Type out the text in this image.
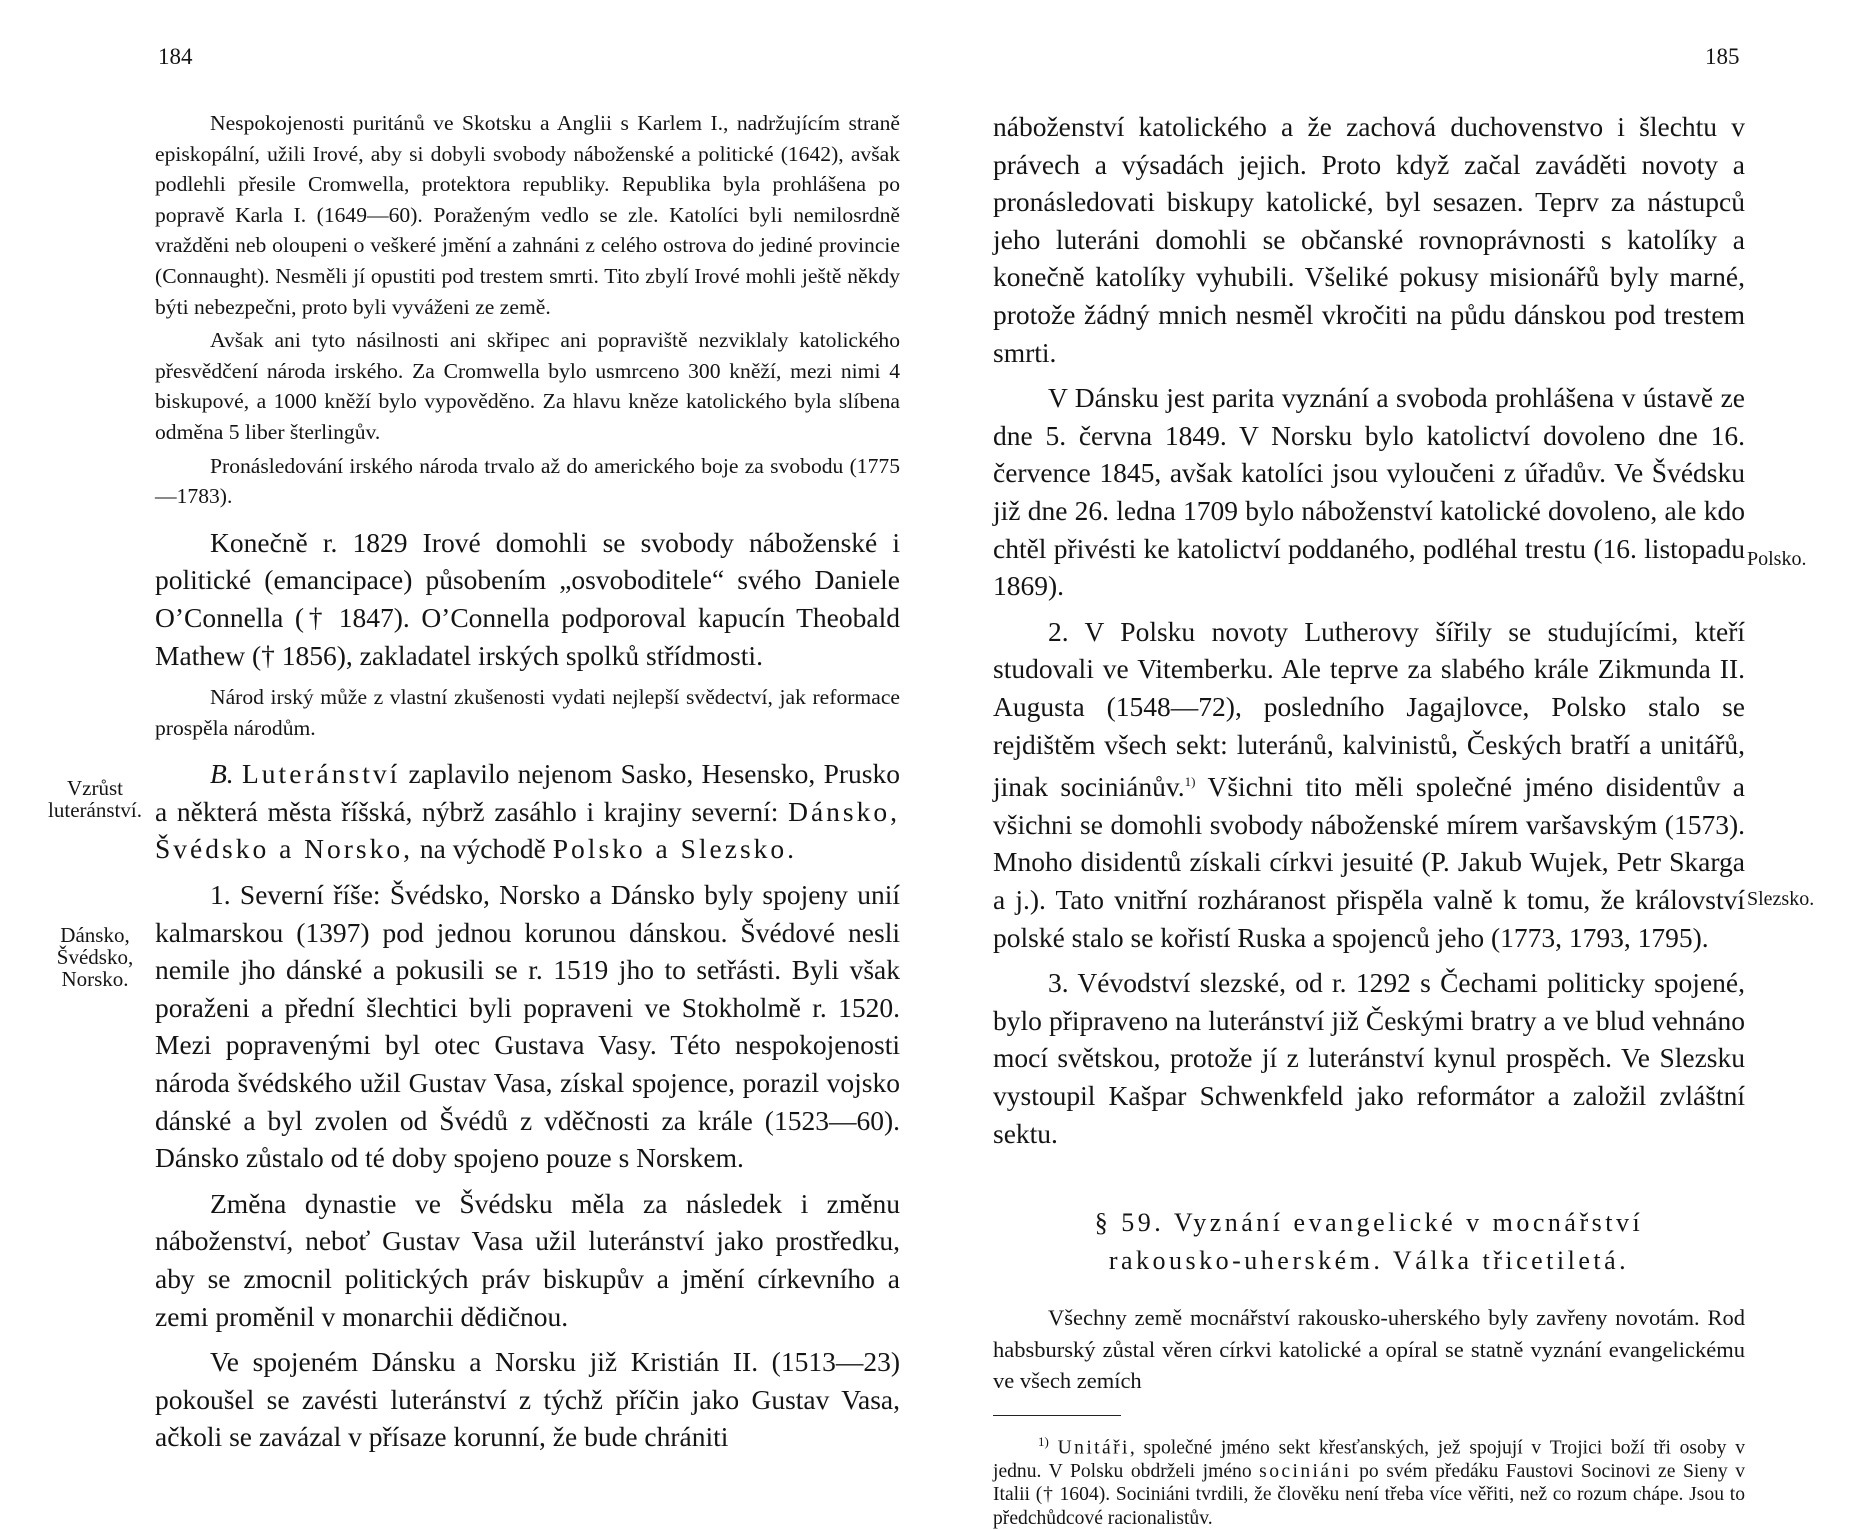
184
Vzrůst luteránství.
Dánsko, Švédsko, Norsko.

Nespokojenosti puritánů ve Skotsku a Anglii s Karlem I., nadržujícím straně episkopální, užili Irové, aby si dobyli svobody náboženské a politické (1642), avšak podlehli přesile Cromwella, protektora republiky. Republika byla prohlášena po popravě Karla I. (1649—60). Poraženým vedlo se zle. Katolíci byli nemilosrdně vražděni neb oloupeni o veškeré jmění a zahnáni z celého ostrova do jediné provincie (Connaught). Nesměli jí opustiti pod trestem smrti. Tito zbylí Irové mohli ještě někdy býti nebezpečni, proto byli vyváženi ze země.

Avšak ani tyto násilnosti ani skřipec ani popraviště nezviklaly katolického přesvědčení národa irského. Za Cromwella bylo usmrceno 300 kněží, mezi nimi 4 biskupové, a 1000 kněží bylo vypověděno. Za hlavu kněze katolického byla slíbena odměna 5 liber šterlingův.

Pronásledování irského národa trvalo až do amerického boje za svobodu (1775—1783).

Konečně r. 1829 Irové domohli se svobody náboženské i politické (emancipace) působením „osvoboditele“ svého Daniele O’Connella († 1847). O’Connella podporoval kapucín Theobald Mathew († 1856), zakladatel irských spolků střídmosti.

Národ irský může z vlastní zkušenosti vydati nejlepší svědectví, jak reformace prospěla národům.

B. Luteránství zaplavilo nejenom Sasko, Hesensko, Prusko a některá města říšská, nýbrž zasáhlo i krajiny severní: Dánsko, Švédsko a Norsko, na východě Polsko a Slezsko.

1. Severní říše: Švédsko, Norsko a Dánsko byly spojeny unií kalmarskou (1397) pod jednou korunou dánskou. Švédové nesli nemile jho dánské a pokusili se r. 1519 jho to setřásti. Byli však poraženi a přední šlechtici byli popraveni ve Stokholmě r. 1520. Mezi popravenými byl otec Gustava Vasy. Této nespokojenosti národa švédského užil Gustav Vasa, získal spojence, porazil vojsko dánské a byl zvolen od Švédů z vděčnosti za krále (1523—60). Dánsko zůstalo od té doby spojeno pouze s Norskem.

Změna dynastie ve Švédsku měla za následek i změnu náboženství, neboť Gustav Vasa užil luteránství jako prostředku, aby se zmocnil politických práv biskupův a jmění církevního a zemi proměnil v monarchii dědičnou.

Ve spojeném Dánsku a Norsku již Kristián II. (1513—23) pokoušel se zavésti luteránství z týchž příčin jako Gustav Vasa, ačkoli se zavázal v přísaze korunní, že bude chrániti

185
Polsko.
Slezsko.

náboženství katolického a že zachová duchovenstvo i šlechtu v právech a výsadách jejich. Proto když začal zaváděti novoty a pronásledovati biskupy katolické, byl sesazen. Teprv za nástupců jeho luteráni domohli se občanské rovnoprávnosti s katolíky a konečně katolíky vyhubili. Všeliké pokusy misionářů byly marné, protože žádný mnich nesměl vkročiti na půdu dánskou pod trestem smrti.

V Dánsku jest parita vyznání a svoboda prohlášena v ústavě ze dne 5. června 1849. V Norsku bylo katolictví dovoleno dne 16. července 1845, avšak katolíci jsou vyloučeni z úřadův. Ve Švédsku již dne 26. ledna 1709 bylo náboženství katolické dovoleno, ale kdo chtěl přivésti ke katolictví poddaného, podléhal trestu (16. listopadu 1869).

2. V Polsku novoty Lutherovy šířily se studujícími, kteří studovali ve Vitemberku. Ale teprve za slabého krále Zikmunda II. Augusta (1548—72), posledního Jagajlovce, Polsko stalo se rejdištěm všech sekt: luteránů, kalvinistů, Českých bratří a unitářů, jinak sociniánův.$^{1)}$ Všichni tito měli společné jméno disidentův a všichni se domohli svobody náboženské mírem varšavským (1573). Mnoho disidentů získali církvi jesuité (P. Jakub Wujek, Petr Skarga a j.). Tato vnitřní rozháranost přispěla valně k tomu, že království polské stalo se kořistí Ruska a spojenců jeho (1773, 1793, 1795).

3. Vévodství slezské, od r. 1292 s Čechami politicky spojené, bylo připraveno na luteránství již Českými bratry a ve blud vehnáno mocí světskou, protože jí z luteránství kynul prospěch. Ve Slezsku vystoupil Kašpar Schwenkfeld jako reformátor a založil zvláštní sektu.

§ 59. Vyznání evangelické v mocnářství
rakousko-uherském. Válka třicetiletá.

Všechny země mocnářství rakousko-uherského byly zavřeny novotám. Rod habsburský zůstal věren církvi katolické a opíral se statně vyznání evangelickému ve všech zemích

$^{1)}$ Unitáři, společné jméno sekt křesťanských, jež spojují v Trojici boží tři osoby v jednu. V Polsku obdrželi jméno sociniáni po svém předáku Faustovi Socinovi ze Sieny v Italii († 1604). Sociniáni tvrdili, že člověku není třeba více věřiti, než co rozum chápe. Jsou to předchůdcové racionalistův.
